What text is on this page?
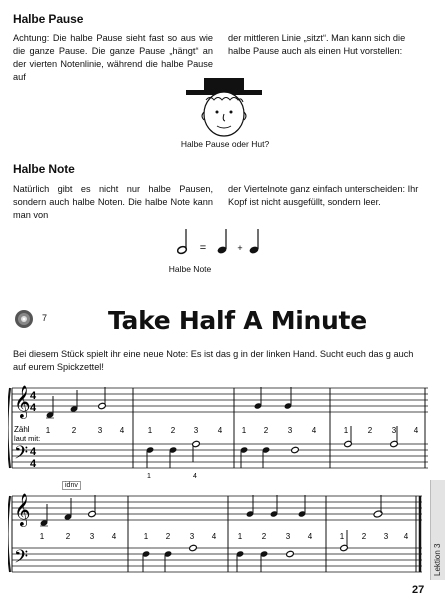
Halbe Pause
Achtung: Die halbe Pause sieht fast so aus wie die ganze Pause. Die ganze Pause „hängt“ an der vierten Notenlinie, während die halbe Pause auf
der mittleren Linie „sitzt“. Man kann sich die halbe Pause auch als einen Hut vorstellen:
Halbe Pause oder Hut?
Halbe Note
Natürlich gibt es nicht nur halbe Pausen, sondern auch halbe Noten. Die halbe Note kann man von
der Viertelnote ganz einfach unterscheiden: Ihr Kopf ist nicht ausgefüllt, sondern leer.
=	+
Halbe Note
7 Take Half A Minute
Bei diesem Stück spielt ihr eine neue Note: Es ist das g in der linken Hand. Sucht euch das g auch auf eurem Spickzettel!
𝄞
𝄢
4
4
4
4
Zähl
laut mit:
1	2	3 4	1 2 3 4 1 2 3 4	1 2 3 4
1	4
idnv
𝄞
𝄢
1	2 3 4	1 2 3 4	1 2 3 4	1 2 3 4
Lektion 3
27
